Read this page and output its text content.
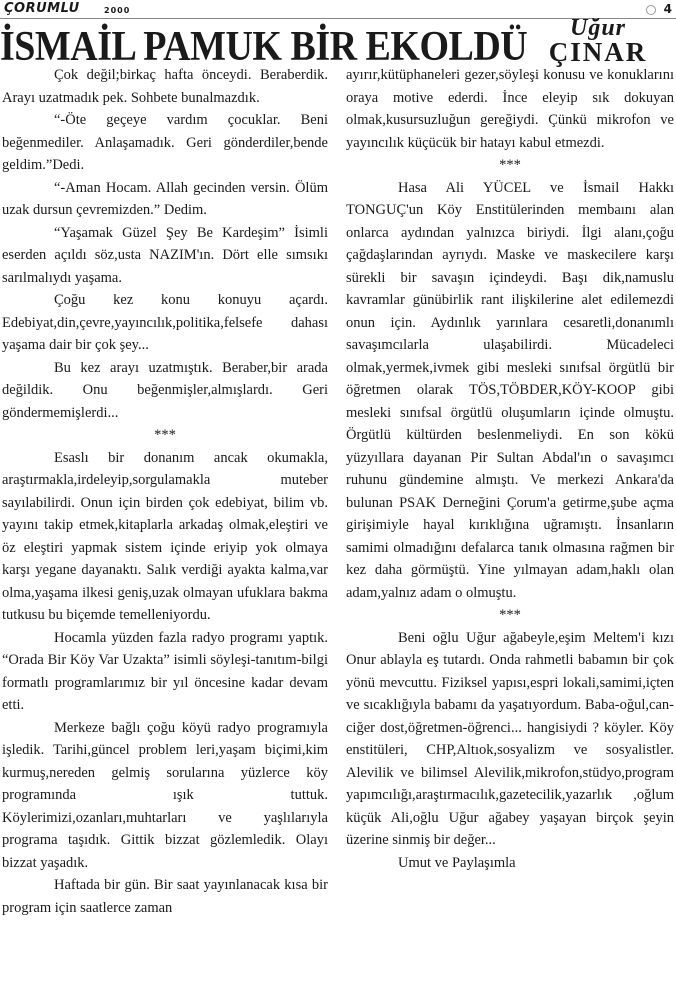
ÇORUMLU	2000	4
İSMAİL PAMUK BİR EKOLDÜ	Uğur
ÇINAR

Çok değil;birkaç hafta önceydi. Beraberdik. Arayı uzatmadık pek. Sohbete bunalmazdık.

“-Öte geçeye vardım çocuklar. Beni beğenmediler. Anlaşamadık. Geri gönderdiler,bende geldim.”Dedi.

“-Aman Hocam. Allah gecinden versin. Ölüm uzak dursun çevremizden.” Dedim.

“Yaşamak Güzel Şey Be Kardeşim” İsimli eserden açıldı söz,usta NAZIM'ın. Dört elle sımsıkı sarılmalıydı yaşama.

Çoğu kez konu konuyu açardı. Edebiyat,din,çevre,yayıncılık,politika,felsefe dahası yaşama dair bir çok şey...

Bu kez arayı uzatmıştık. Beraber,bir arada değildik. Onu beğenmişler,almışlardı. Geri göndermemişlerdi...

***

Esaslı bir donanım ancak okumakla, araştırmakla,irdeleyip,sorgulamakla muteber sayılabilirdi. Onun için birden çok edebiyat, bilim vb. yayını takip etmek,kitaplarla arkadaş olmak,eleştiri ve öz eleştiri yapmak sistem içinde eriyip yok olmaya karşı yegane dayanaktı. Salık verdiği ayakta kalma,var olma,yaşama ilkesi geniş,uzak olmayan ufuklara bakma tutkusu bu biçemde temelleniyordu.

Hocamla yüzden fazla radyo programı yaptık. “Orada Bir Köy Var Uzakta” isimli söyleşi-tanıtım-bilgi formatlı programlarımız bir yıl öncesine kadar devam etti.

Merkeze bağlı çoğu köyü radyo programıyla işledik. Tarihi,güncel problem leri,yaşam biçimi,kim kurmuş,nereden gelmiş sorularına yüzlerce köy programında ışık tuttuk. Köylerimizi,ozanları,muhtarları ve yaşlılarıyla programa taşıdık. Gittik bizzat gözlemledik. Olayı bizzat yaşadık.

Haftada bir gün. Bir saat yayınlanacak kısa bir program için saatlerce zaman

ayırır,kütüphaneleri gezer,söyleşi konusu ve konuklarını oraya motive ederdi. İnce eleyip sık dokuyan olmak,kusursuzluğun gereğiydi. Çünkü mikrofon ve yayıncılık küçücük bir hatayı kabul etmezdi.

***

Hasa Ali YÜCEL ve İsmail Hakkı TONGUÇ'un Köy Enstitülerinden membaını alan onlarca aydından yalnızca biriydi. İlgi alanı,çoğu çağdaşlarından ayrıydı. Maske ve maskecilere karşı sürekli bir savaşın içindeydi. Başı dik,namuslu kavramlar günübirlik rant ilişkilerine alet edilemezdi onun için. Aydınlık yarınlara cesaretli,donanımlı savaşımcılarla ulaşabilirdi. Mücadeleci olmak,yermek,ivmek gibi mesleki sınıfsal örgütlü bir öğretmen olarak TÖS,TÖBDER,KÖY-KOOP gibi mesleki sınıfsal örgütlü oluşumların içinde olmuştu. Örgütlü kültürden beslenmeliydi. En son kökü yüzyıllara dayanan Pir Sultan Abdal'ın o savaşımcı ruhunu gündemine almıştı. Ve merkezi Ankara'da bulunan PSAK Derneğini Çorum'a getirme,şube açma girişimiyle hayal kırıklığına uğramıştı. İnsanların samimi olmadığını defalarca tanık olmasına rağmen bir kez daha görmüştü. Yine yılmayan adam,haklı olan adam,yalnız adam o olmuştu.

***

Beni oğlu Uğur ağabeyle,eşim Meltem'i kızı Onur ablayla eş tutardı. Onda rahmetli babamın bir çok yönü mevcuttu. Fiziksel yapısı,espri lokali,samimi,içten ve sıcaklığıyla babamı da yaşatıyordum. Baba-oğul,can-ciğer dost,öğretmen-öğrenci... hangisiydi ? köyler. Köy enstitüleri, CHP,Altıok,sosyalizm ve sosyalistler. Alevilik ve bilimsel Alevilik,mikrofon,stüdyo,program yapımcılığı,araştırmacılık,gazetecilik,yazarlık ,oğlum küçük Ali,oğlu Uğur ağabey yaşayan birçok şeyin üzerine sinmiş bir değer...

Umut ve Paylaşımla
